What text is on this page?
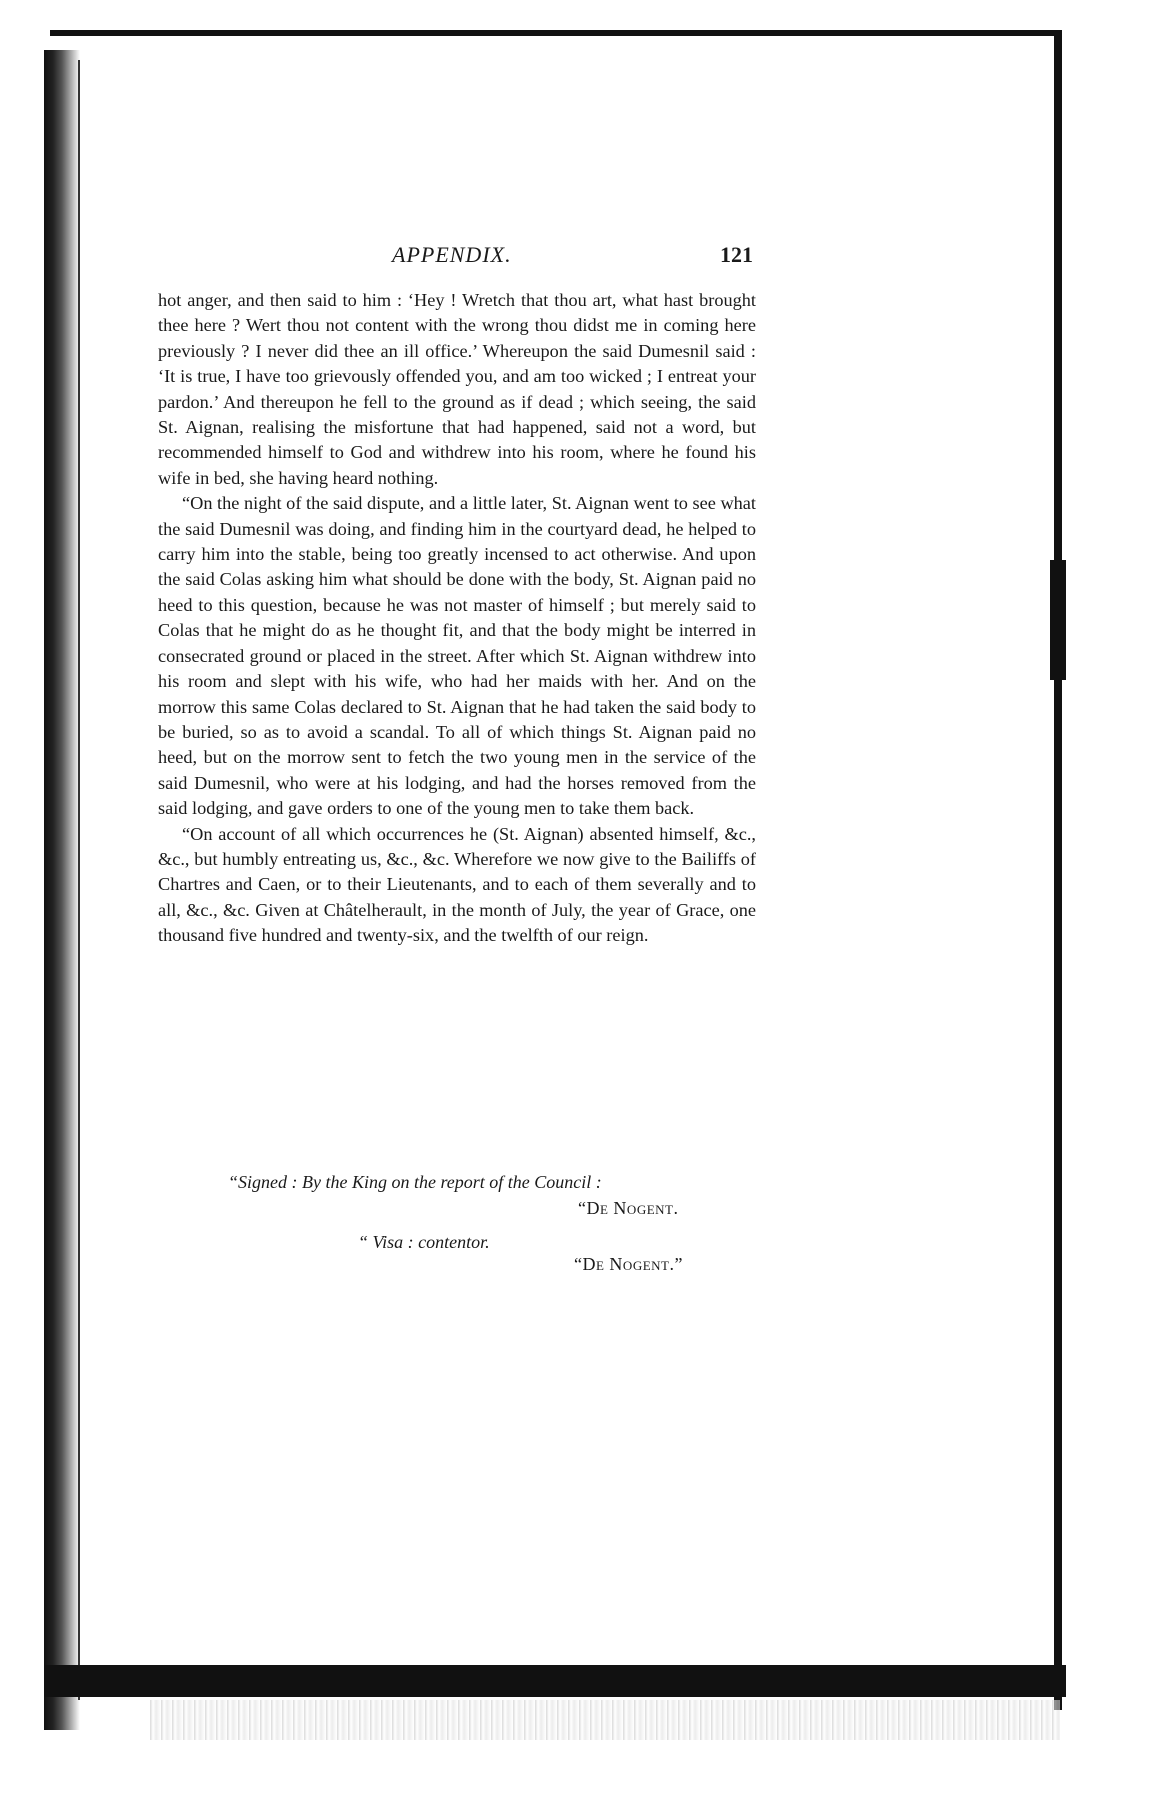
APPENDIX.	121

hot anger, and then said to him : ‘Hey ! Wretch that thou art, what hast brought thee here ? Wert thou not content with the wrong thou didst me in coming here previously ? I never did thee an ill office.’ Whereupon the said Dumesnil said : ‘It is true, I have too grievously offended you, and am too wicked ; I entreat your pardon.’ And thereupon he fell to the ground as if dead ; which seeing, the said St. Aignan, realising the misfortune that had happened, said not a word, but recommended himself to God and withdrew into his room, where he found his wife in bed, she having heard nothing.

“On the night of the said dispute, and a little later, St. Aignan went to see what the said Dumesnil was doing, and finding him in the courtyard dead, he helped to carry him into the stable, being too greatly incensed to act otherwise. And upon the said Colas asking him what should be done with the body, St. Aignan paid no heed to this question, because he was not master of himself ; but merely said to Colas that he might do as he thought fit, and that the body might be interred in consecrated ground or placed in the street. After which St. Aignan withdrew into his room and slept with his wife, who had her maids with her. And on the morrow this same Colas declared to St. Aignan that he had taken the said body to be buried, so as to avoid a scandal. To all of which things St. Aignan paid no heed, but on the morrow sent to fetch the two young men in the service of the said Dumesnil, who were at his lodging, and had the horses removed from the said lodging, and gave orders to one of the young men to take them back.

“On account of all which occurrences he (St. Aignan) absented himself, &c., &c., but humbly entreating us, &c., &c. Wherefore we now give to the Bailiffs of Chartres and Caen, or to their Lieutenants, and to each of them severally and to all, &c., &c. Given at Châtelherault, in the month of July, the year of Grace, one thousand five hundred and twenty-six, and the twelfth of our reign.

“Signed : By the King on the report of the Council :
“De Nogent.
“ Visa : contentor.
“De Nogent.”
